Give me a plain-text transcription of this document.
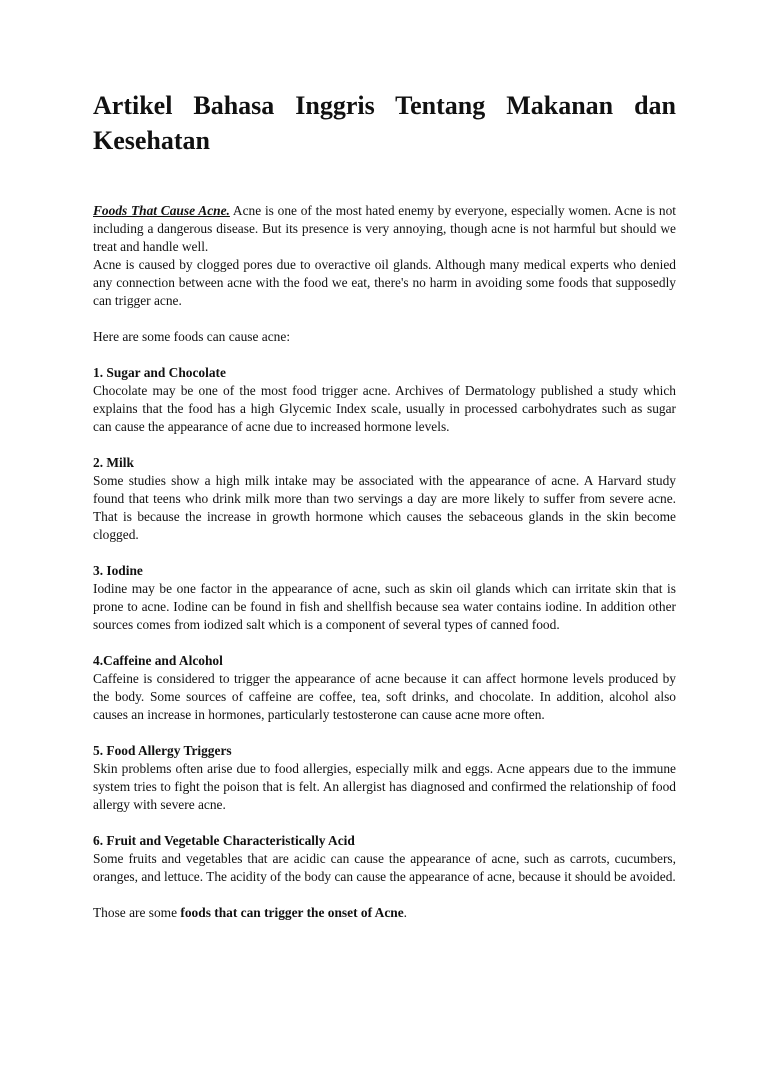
Artikel Bahasa Inggris Tentang Makanan dan Kesehatan

Foods That Cause Acne. Acne is one of the most hated enemy by everyone, especially women. Acne is not including a dangerous disease. But its presence is very annoying, though acne is not harmful but should we treat and handle well.

Acne is caused by clogged pores due to overactive oil glands. Although many medical experts who denied any connection between acne with the food we eat, there's no harm in avoiding some foods that supposedly can trigger acne.

Here are some foods can cause acne:

1. Sugar and Chocolate

Chocolate may be one of the most food trigger acne. Archives of Dermatology published a study which explains that the food has a high Glycemic Index scale, usually in processed carbohydrates such as sugar can cause the appearance of acne due to increased hormone levels.

2. Milk

Some studies show a high milk intake may be associated with the appearance of acne. A Harvard study found that teens who drink milk more than two servings a day are more likely to suffer from severe acne. That is because the increase in growth hormone which causes the sebaceous glands in the skin become clogged.

3. Iodine

Iodine may be one factor in the appearance of acne, such as skin oil glands which can irritate skin that is prone to acne. Iodine can be found in fish and shellfish because sea water contains iodine. In addition other sources comes from iodized salt which is a component of several types of canned food.

4.Caffeine and Alcohol

Caffeine is considered to trigger the appearance of acne because it can affect hormone levels produced by the body. Some sources of caffeine are coffee, tea, soft drinks, and chocolate. In addition, alcohol also causes an increase in hormones, particularly testosterone can cause acne more often.

5. Food Allergy Triggers

Skin problems often arise due to food allergies, especially milk and eggs. Acne appears due to the immune system tries to fight the poison that is felt. An allergist has diagnosed and confirmed the relationship of food allergy with severe acne.

6. Fruit and Vegetable Characteristically Acid

Some fruits and vegetables that are acidic can cause the appearance of acne, such as carrots, cucumbers, oranges, and lettuce. The acidity of the body can cause the appearance of acne, because it should be avoided.

Those are some foods that can trigger the onset of Acne.
